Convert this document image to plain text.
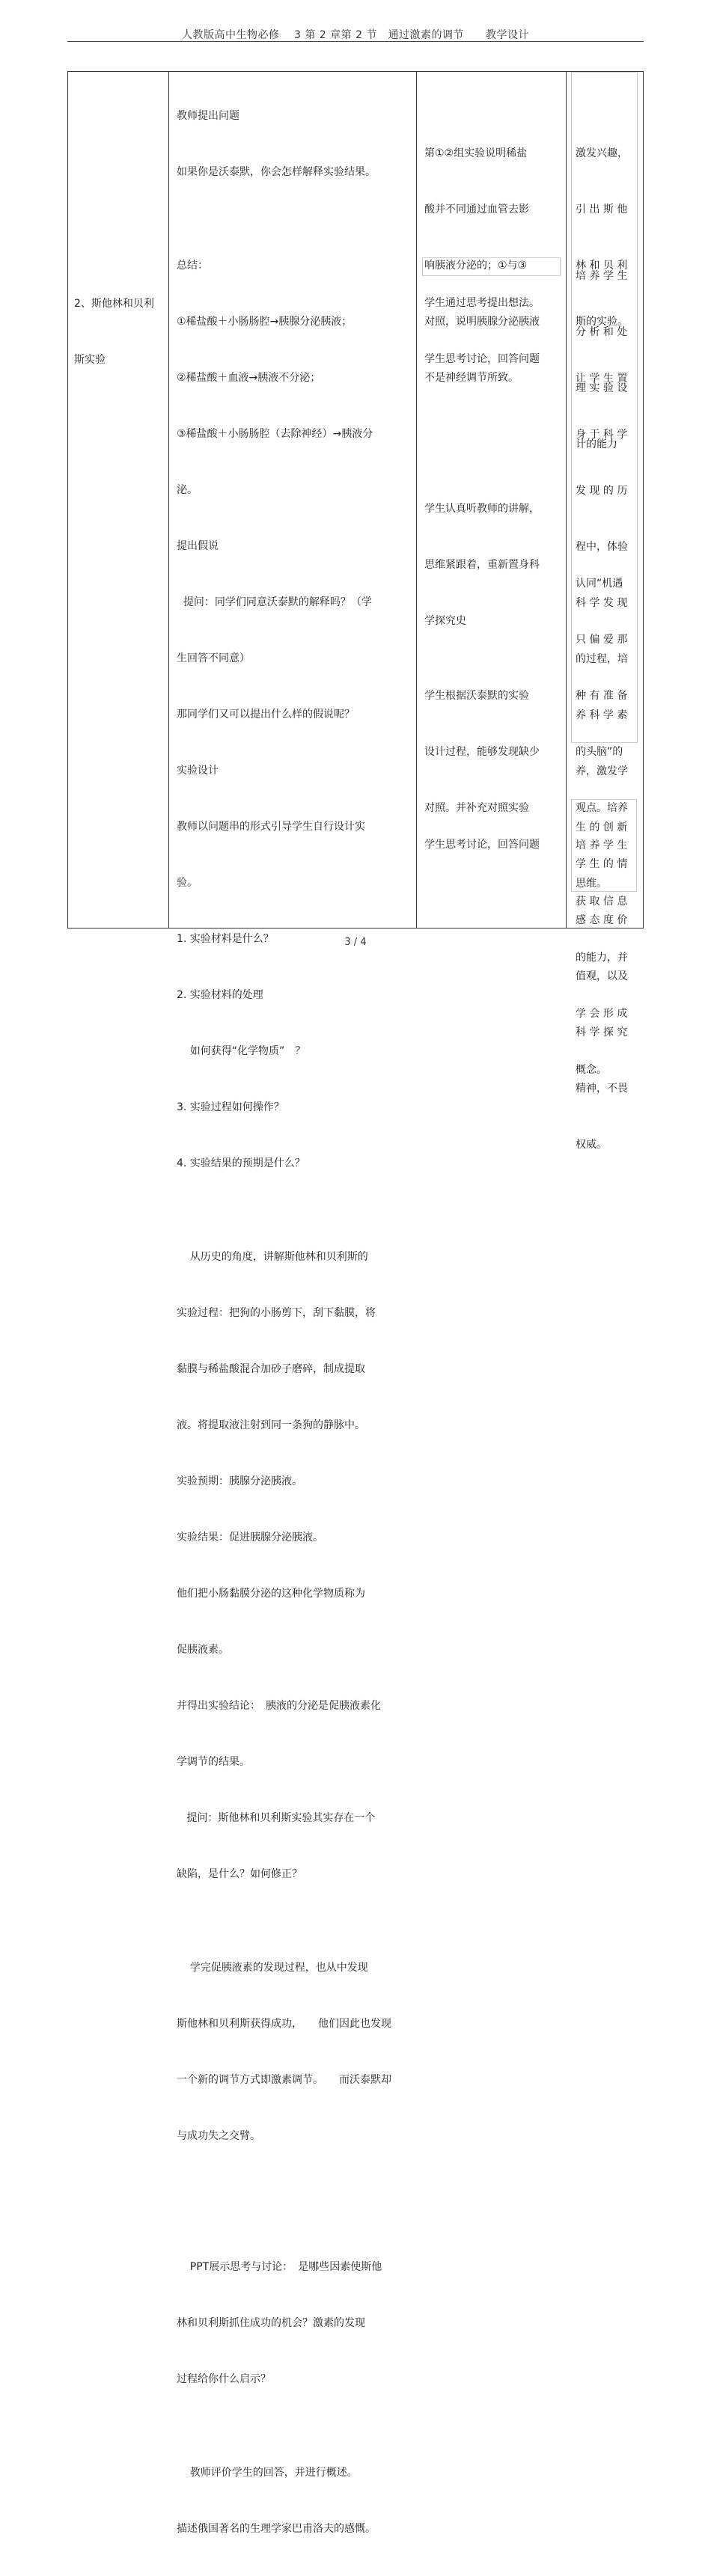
人教版高中生物必修　 3 第 2 章第 2 节　通过激素的调节　　教学设计

2、斯他林和贝利

斯实验

教师提出问题

如果你是沃泰默，你会怎样解释实验结果。

总结：

①稀盐酸＋小肠肠腔→胰腺分泌胰液；

②稀盐酸＋血液→胰液不分泌；

③稀盐酸＋小肠肠腔（去除神经）→胰液分

泌。

提出假说

提问：同学们同意沃泰默的解释吗？（学

生回答不同意）

那同学们又可以提出什么样的假说呢？

实验设计

教师以问题串的形式引导学生自行设计实

验。

1. 实验材料是什么？

2. 实验材料的处理

如何获得“化学物质”　？

3. 实验过程如何操作？

4. 实验结果的预期是什么？

从历史的角度，讲解斯他林和贝利斯的

实验过程：把狗的小肠剪下，刮下黏膜，将

黏膜与稀盐酸混合加砂子磨碎，制成提取

液。将提取液注射到同一条狗的静脉中。

实验预期：胰腺分泌胰液。

实验结果：促进胰腺分泌胰液。

他们把小肠黏膜分泌的这种化学物质称为

促胰液素。

并得出实验结论：　胰液的分泌是促胰液素化

学调节的结果。

提问：斯他林和贝利斯实验其实存在一个

缺陷，是什么？如何修正？

学完促胰液素的发现过程，也从中发现

斯他林和贝利斯获得成功，　　他们因此也发现

一个新的调节方式即激素调节。　　而沃泰默却

与成功失之交臂。

PPT展示思考与讨论：　是哪些因素使斯他

林和贝利斯抓住成功的机会？激素的发现

过程给你什么启示？

教师评价学生的回答，并进行概述。

描述俄国著名的生理学家巴甫洛夫的感慨。

第①②组实验说明稀盐

酸并不同通过血管去影

响胰液分泌的；①与③

对照，说明胰腺分泌胰液

不是神经调节所致。

学生通过思考提出想法。

学生思考讨论，回答问题

学生认真听教师的讲解，

思维紧跟着，重新置身科

学探究史

学生根据沃泰默的实验

设计过程，能够发现缺少

对照。并补充对照实验

学生思考讨论，回答问题

激发兴趣，

引 出 斯 他

林 和 贝 利

斯的实验。

培 养 学 生

分 析 和 处

理 实 验 设

计的能力

让 学 生 置

身 于 科 学

发 现 的 历

程中，体验

科 学 发 现

的过程，培

养 科 学 素

养，激发学

生 的 创 新

思维。

认同“机遇

只 偏 爱 那

种 有 准 备

的头脑”的

观点。培养

学 生 的 情

感 态 度 价

值观，以及

科 学 探 究

精神，不畏

权威。

培 养 学 生

获 取 信 息

的能力，并

学 会 形 成

概念。

3 / 4
